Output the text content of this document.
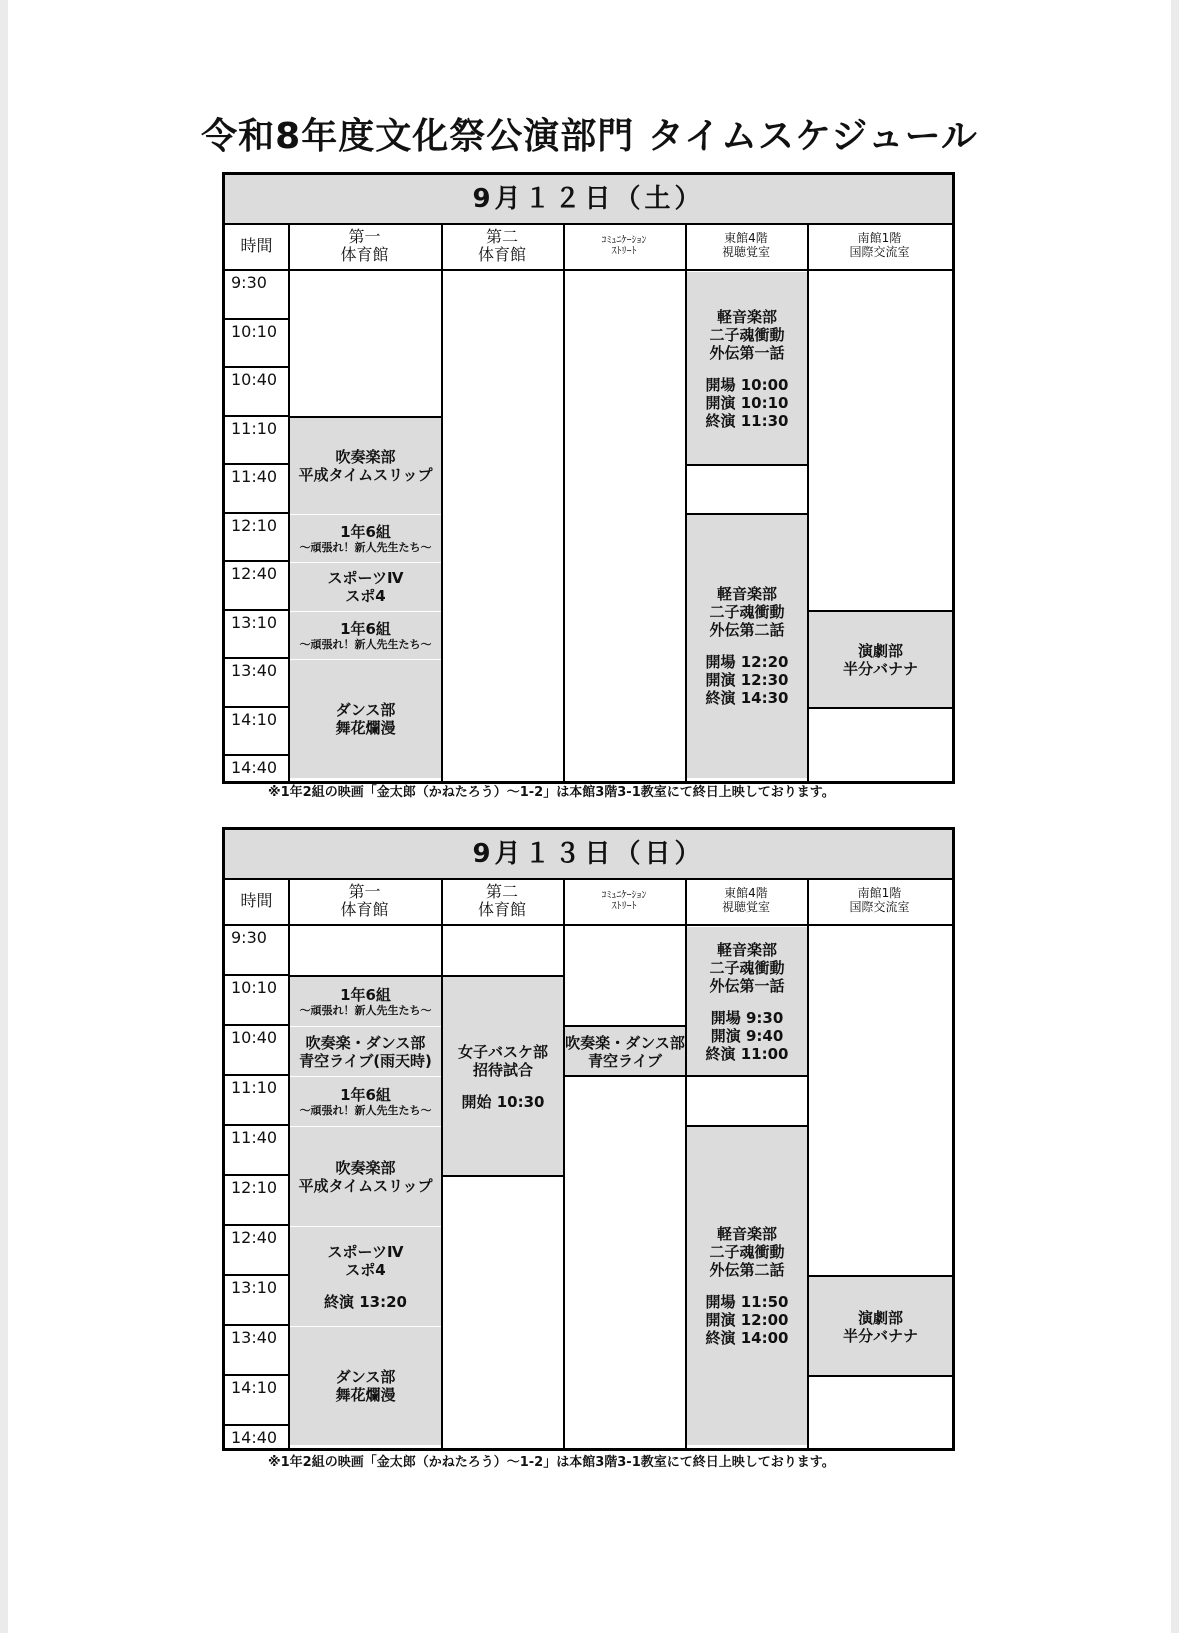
令和8年度文化祭公演部門 タイムスケジュール
9月１２日（土）
時間	第一
体育館
第二
体育館
ｺﾐｭﾆｹｰｼｮﾝ
ｽﾄﾘｰﾄ
東館4階
視聴覚室
南館1階
国際交流室
9:30
10:10
10:40
11:10
11:40
12:10
12:40
13:10
13:40
14:10
14:40
吹奏楽部
平成タイムスリップ
1年6組
〜頑張れ！新人先生たち〜
スポーツⅣ
スポ4
1年6組
〜頑張れ！新人先生たち〜
ダンス部
舞花爛漫
軽音楽部
二子魂衝動
外伝第一話
開場 10:00
開演 10:10
終演 11:30
軽音楽部
二子魂衝動
外伝第二話
開場 12:20
開演 12:30
終演 14:30
演劇部
半分バナナ
※1年2組の映画「金太郎（かねたろう）〜1-2」は本館3階3-1教室にて終日上映しております。
9月１３日（日）
時間	第一
体育館
第二
体育館
ｺﾐｭﾆｹｰｼｮﾝ
ｽﾄﾘｰﾄ
東館4階
視聴覚室
南館1階
国際交流室
9:30
10:10
10:40
11:10
11:40
12:10
12:40
13:10
13:40
14:10
14:40
1年6組
〜頑張れ！新人先生たち〜
吹奏楽・ダンス部
青空ライブ(雨天時)
1年6組
〜頑張れ！新人先生たち〜
吹奏楽部
平成タイムスリップ
スポーツⅣ
スポ4
終演 13:20
ダンス部
舞花爛漫
女子バスケ部
招待試合
開始 10:30
吹奏楽・ダンス部
青空ライブ
軽音楽部
二子魂衝動
外伝第一話
開場 9:30
開演 9:40
終演 11:00
軽音楽部
二子魂衝動
外伝第二話
開場 11:50
開演 12:00
終演 14:00
演劇部
半分バナナ
※1年2組の映画「金太郎（かねたろう）〜1-2」は本館3階3-1教室にて終日上映しております。
